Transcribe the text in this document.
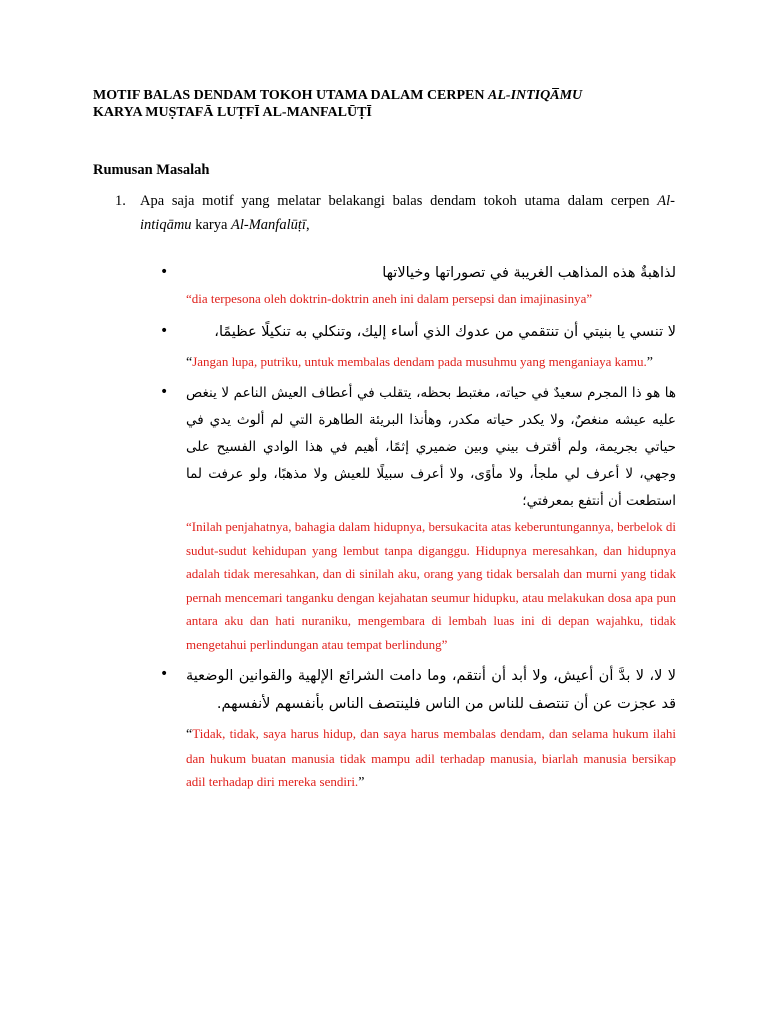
MOTIF BALAS DENDAM TOKOH UTAMA DALAM CERPEN AL-INTIQA̅MU
KARYA MUṢTAFĀ LUṬFĪ AL-MANFALŪṬĪ
Rumusan Masalah
1. Apa saja motif yang melatar belakangi balas dendam tokoh utama dalam cerpen Al-intiqāmu karya Al-Manfalūṭī,
•	لذاهبةٌ هذه المذاهب الغريبة في تصوراتها وخيالاتها

“dia terpesona oleh doktrin-doktrin aneh ini dalam persepsi dan imajinasinya”

•	لا تنسي يا بنيتي أن تنتقمي من عدوك الذي أساء إليك، وتنكلي به تنكيلًا عظيمًا،

“Jangan lupa, putriku, untuk membalas dendam pada musuhmu yang menganiaya kamu.”

• ها هو ذا المجرم سعيدٌ في حياته، مغتبط بحظه، يتقلب في أعطاف العيش الناعم لا ينغص عليه عيشه منغصٌ، ولا يكدر حياته مكدر، وهأنذا البريئة الطاهرة التي لم ألوث يدي في حياتي بجريمة، ولم أقترف بيني وبين ضميري إثمًا، أهيم في هذا الوادي الفسيح على وجهي، لا أعرف لي ملجأ، ولا مأوًى، ولا أعرف سبيلًا للعيش ولا مذهبًا، ولو عرفت لما استطعت أن أنتفع بمعرفتي؛

“Inilah penjahatnya, bahagia dalam hidupnya, bersukacita atas keberuntungannya, berbelok di sudut-sudut kehidupan yang lembut tanpa diganggu. Hidupnya meresahkan, dan hidupnya adalah tidak meresahkan, dan di sinilah aku, orang yang tidak bersalah dan murni yang tidak pernah mencemari tanganku dengan kejahatan seumur hidupku, atau melakukan dosa apa pun antara aku dan hati nuraniku, mengembara di lembah luas ini di depan wajahku, tidak mengetahui perlindungan atau tempat berlindung”

• لا لا، لا بدَّ أن أعيش، ولا أبد أن أنتقم، وما دامت الشرائع الإلهية والقوانين الوضعية قد عجزت عن أن تنتصف للناس من الناس فلينتصف الناس بأنفسهم لأنفسهم.

“Tidak, tidak, saya harus hidup, dan saya harus membalas dendam, dan selama hukum ilahi dan hukum buatan manusia tidak mampu adil terhadap manusia, biarlah manusia bersikap adil terhadap diri mereka sendiri.”
